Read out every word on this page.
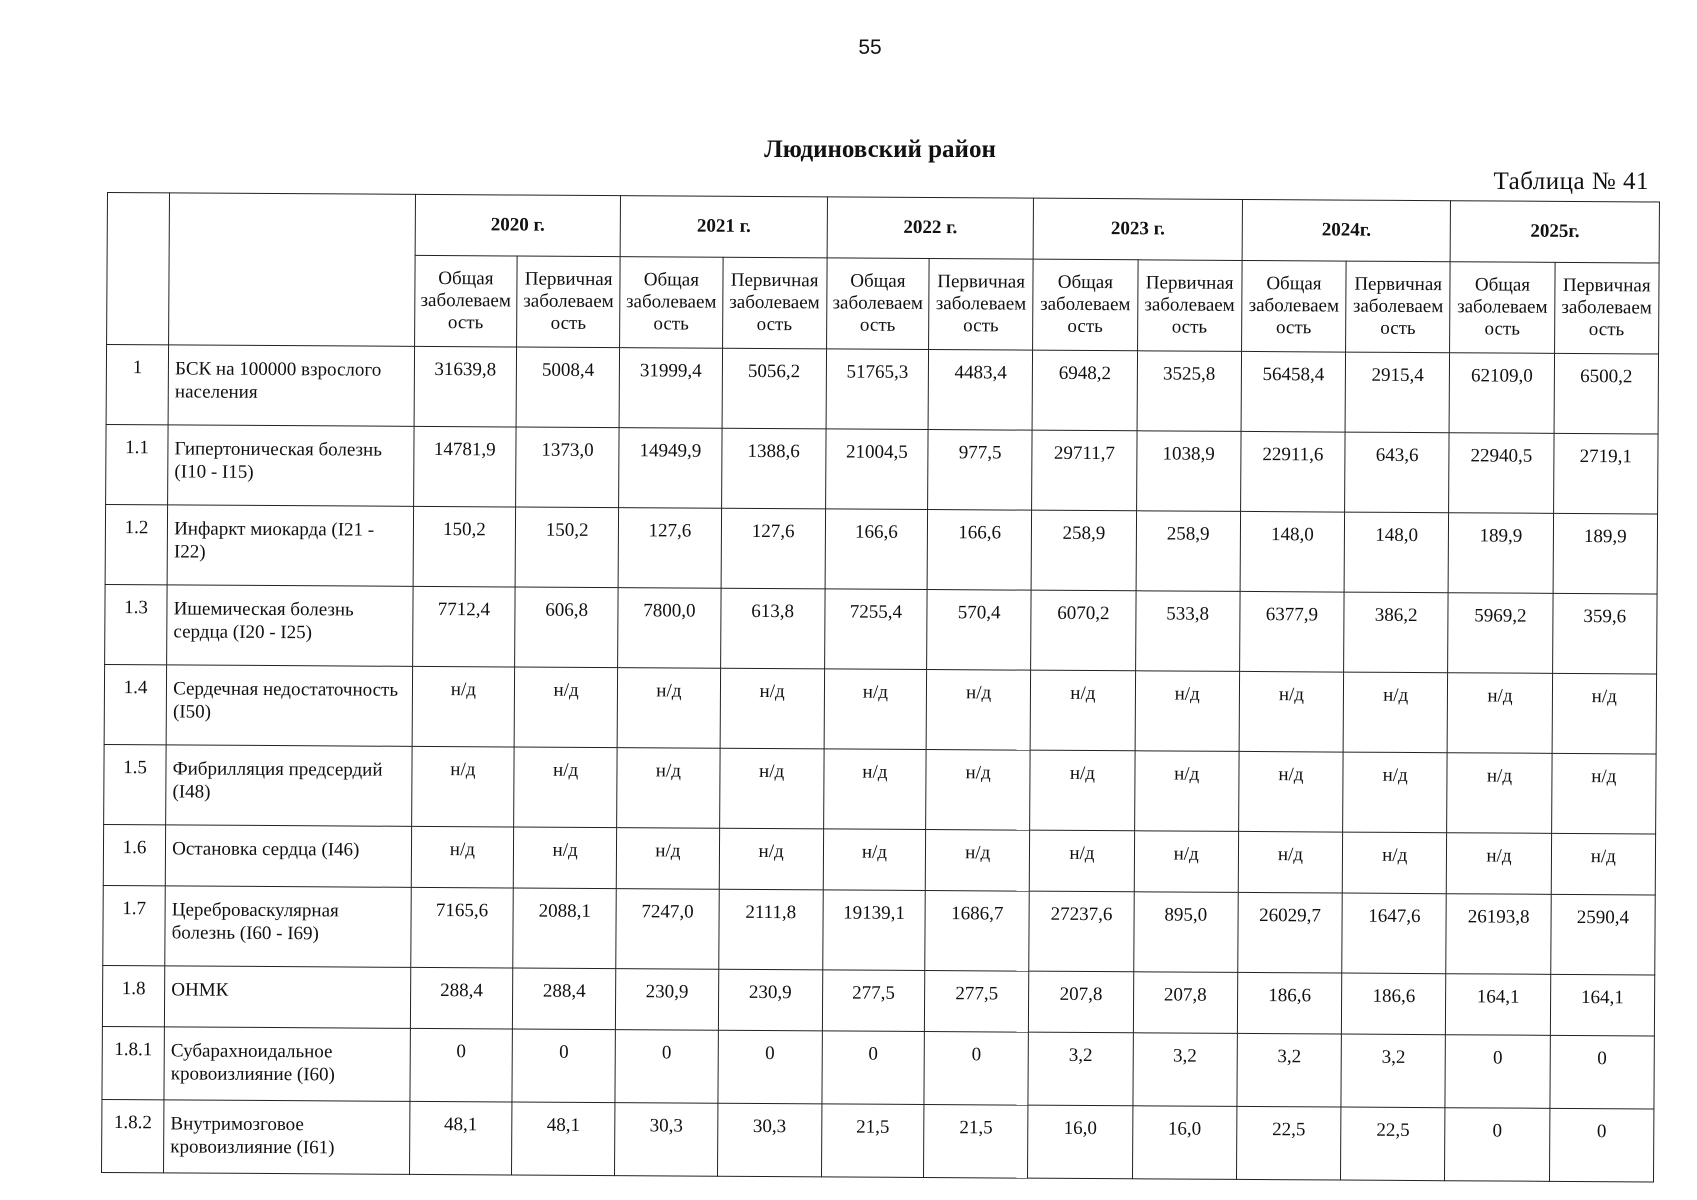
55
Людиновский район
Таблица № 41
		2020 г.		2021 г.		2022 г.		2023 г.		2024г.		2025г.	
		Общая заболеваем ость	Первичная заболеваем ость	Общая заболеваем ость	Первичная заболеваем ость	Общая заболеваем ость	Первичная заболеваем ость	Общая заболеваем ость	Первичная заболеваем ость	Общая заболеваем ость	Первичная заболеваем ость	Общая заболеваем ость	Первичная заболеваем ость
1	БСК на 100000 взрослого населения	31639,8	5008,4	31999,4	5056,2	51765,3	4483,4	6948,2	3525,8	56458,4	2915,4	62109,0	6500,2
1.1	Гипертоническая болезнь (I10 - I15)	14781,9	1373,0	14949,9	1388,6	21004,5	977,5	29711,7	1038,9	22911,6	643,6	22940,5	2719,1
1.2	Инфаркт миокарда (I21 - I22)	150,2	150,2	127,6	127,6	166,6	166,6	258,9	258,9	148,0	148,0	189,9	189,9
1.3	Ишемическая болезнь сердца (I20 - I25)	7712,4	606,8	7800,0	613,8	7255,4	570,4	6070,2	533,8	6377,9	386,2	5969,2	359,6
1.4	Сердечная недостаточность (I50)	н/д	н/д	н/д	н/д	н/д	н/д	н/д	н/д	н/д	н/д	н/д	н/д
1.5	Фибрилляция предсердий (I48)	н/д	н/д	н/д	н/д	н/д	н/д	н/д	н/д	н/д	н/д	н/д	н/д
1.6	Остановка сердца (I46)	н/д	н/д	н/д	н/д	н/д	н/д	н/д	н/д	н/д	н/д	н/д	н/д
1.7	Цереброваскулярная болезнь (I60 - I69)	7165,6	2088,1	7247,0	2111,8	19139,1	1686,7	27237,6	895,0	26029,7	1647,6	26193,8	2590,4
1.8	ОНМК	288,4	288,4	230,9	230,9	277,5	277,5	207,8	207,8	186,6	186,6	164,1	164,1
1.8.1	Субарахноидальное кровоизлияние (I60)	0	0	0	0	0	0	3,2	3,2	3,2	3,2	0	0
1.8.2	Внутримозговое кровоизлияние (I61)	48,1	48,1	30,3	30,3	21,5	21,5	16,0	16,0	22,5	22,5	0	0
